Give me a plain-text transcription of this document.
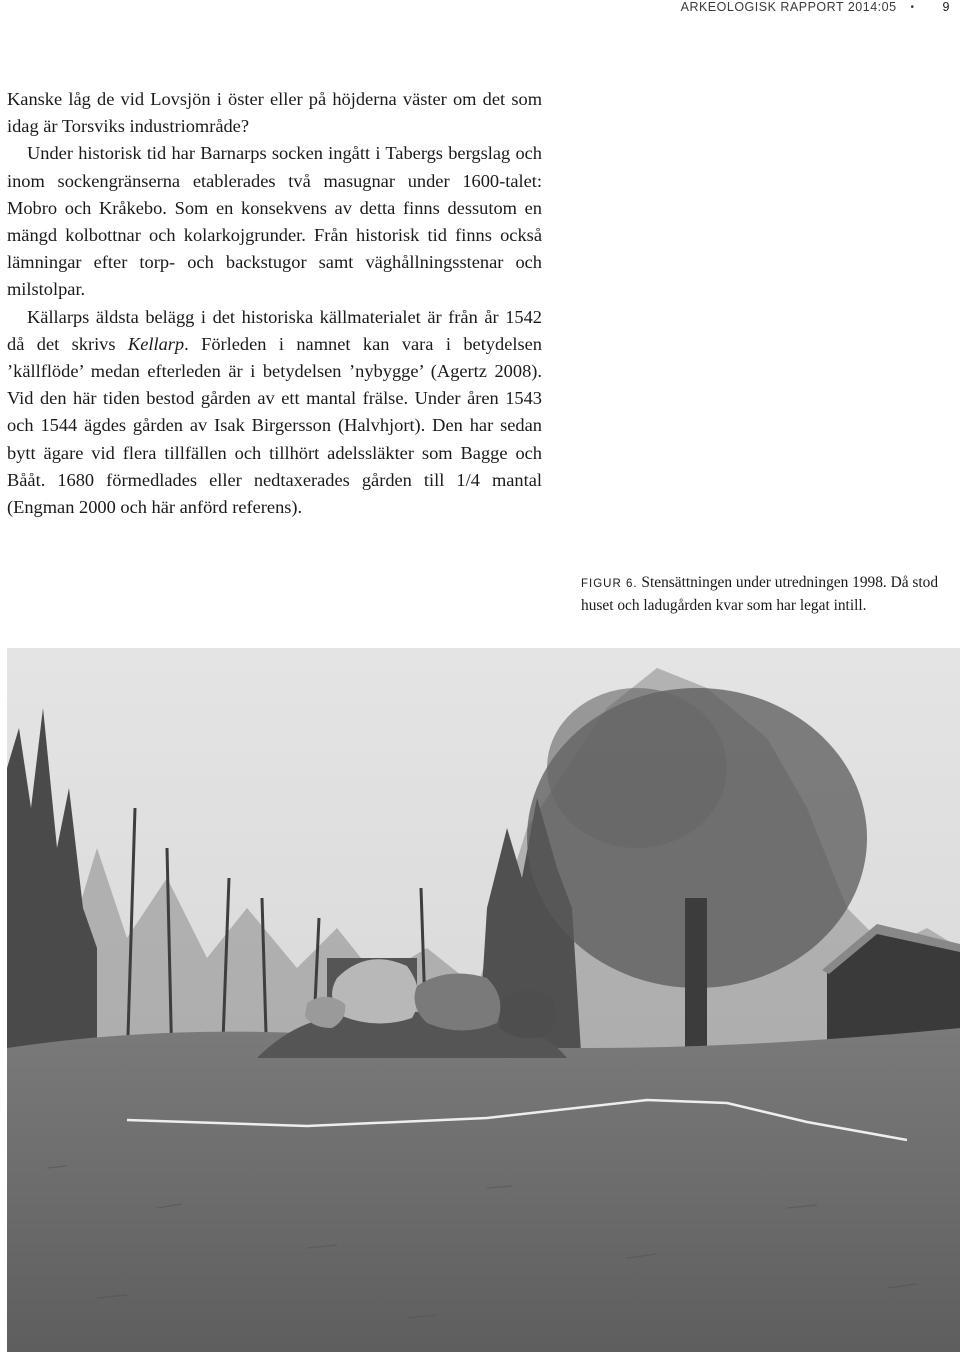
ARKEOLOGISK RAPPORT 2014:05 • 9

Kanske låg de vid Lovsjön i öster eller på höjderna väster om det som idag är Torsviks industriområde?

Under historisk tid har Barnarps socken ingått i Tabergs bergslag och inom sockengränserna etablerades två masugnar under 1600-talet: Mobro och Kråkebo. Som en konsekvens av detta finns dessutom en mängd kolbottnar och kolarkojgrunder. Från historisk tid finns också lämningar efter torp- och backstugor samt väghållningsstenar och milstolpar.

Källarps äldsta belägg i det historiska källmaterialet är från år 1542 då det skrivs Kellarp. Förleden i namnet kan vara i betydelsen ’källflöde’ medan efterleden är i betydelsen ’nybygge’ (Agertz 2008). Vid den här tiden bestod gården av ett mantal frälse. Under åren 1543 och 1544 ägdes gården av Isak Birgersson (Halvhjort). Den har sedan bytt ägare vid flera tillfällen och tillhört adelssläkter som Bagge och Bååt. 1680 förmedlades eller nedtaxerades gården till 1/4 mantal (Engman 2000 och här anförd referens).

FIGUR 6. Stensättningen under utredningen 1998. Då stod huset och ladugården kvar som har legat intill.
